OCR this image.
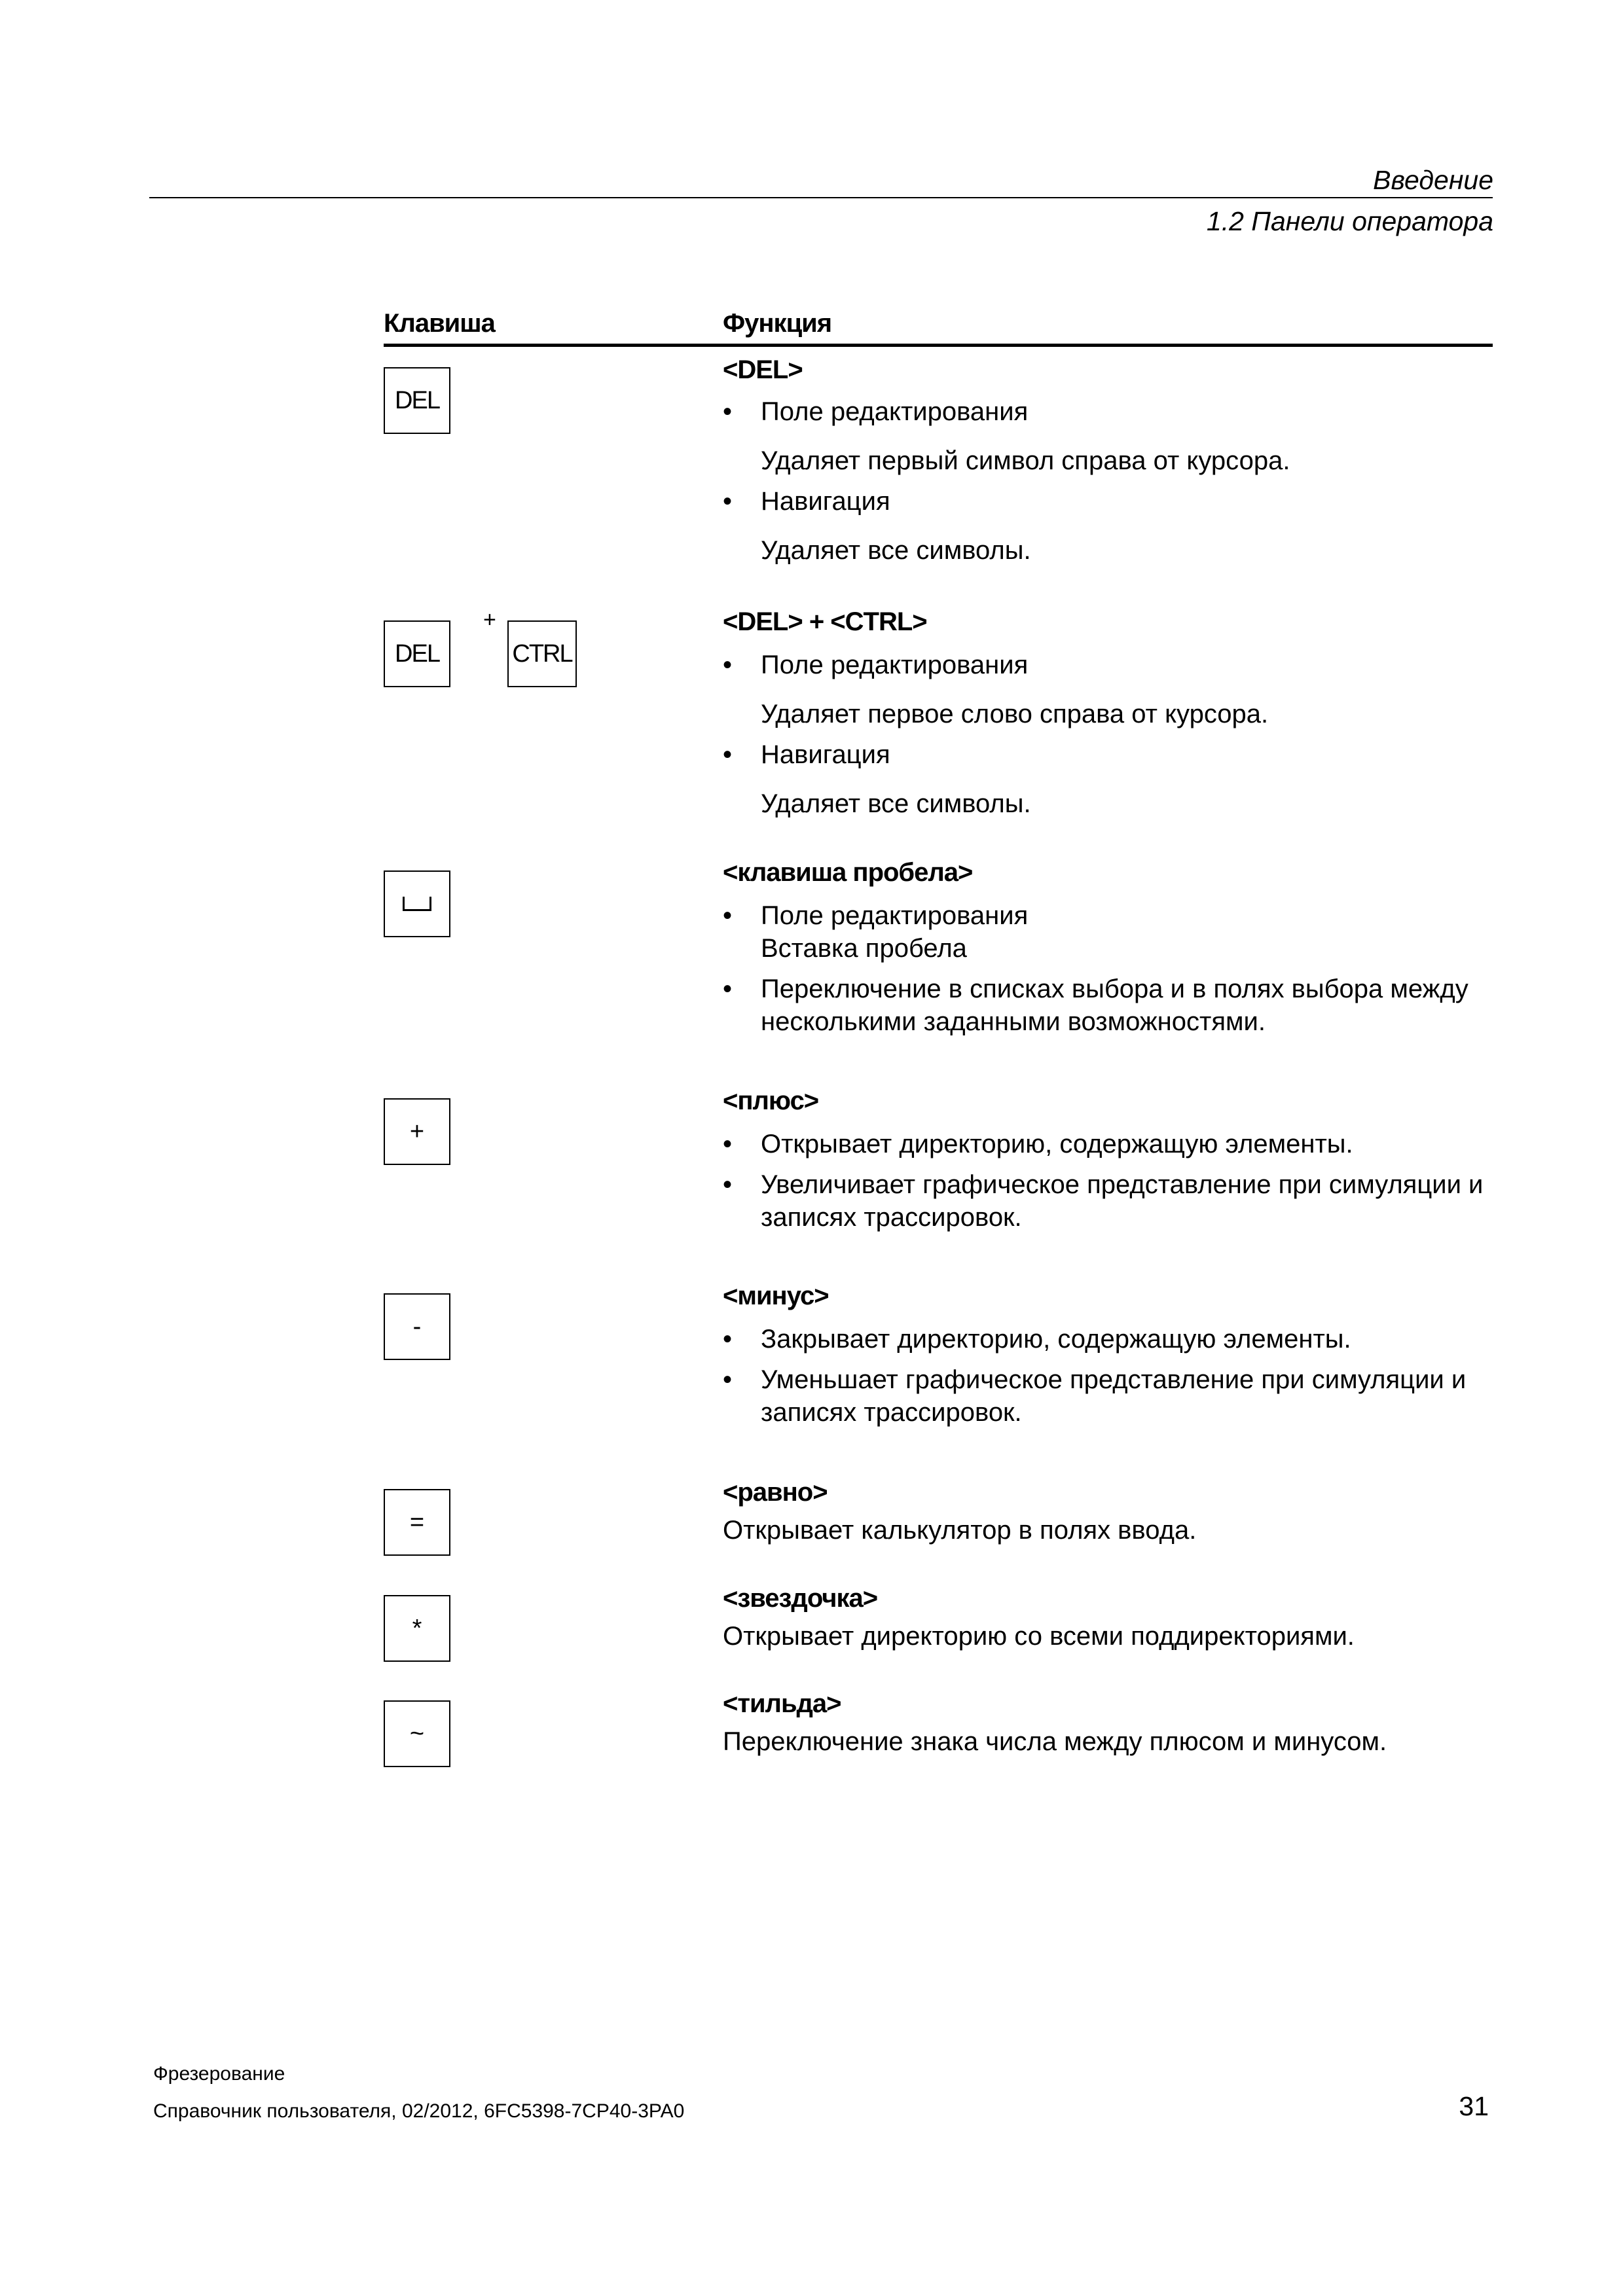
Введение
1.2 Панели оператора
Клавиша	Функция
DEL
<DEL>
• Поле редактирования
Удаляет первый символ справа от курсора.
• Навигация
Удаляет все символы.
DEL
+
CTRL
<DEL> + <CTRL>
• Поле редактирования
Удаляет первое слово справа от курсора.
• Навигация
Удаляет все символы.
<клавиша пробела>
• Поле редактирования
Вставка пробела
• Переключение в списках выбора и в полях выбора между несколькими заданными возможностями.
+
<плюс>
• Открывает директорию, содержащую элементы.
• Увеличивает графическое представление при симуляции и записях трассировок.
-
<минус>
• Закрывает директорию, содержащую элементы.
• Уменьшает графическое представление при симуляции и записях трассировок.
=
<равно>
Открывает калькулятор в полях ввода.
*
<звездочка>
Открывает директорию со всеми поддиректориями.
~
<тильда>
Переключение знака числа между плюсом и минусом.
Фрезерование
Справочник пользователя, 02/2012, 6FC5398-7CP40-3PA0	31
